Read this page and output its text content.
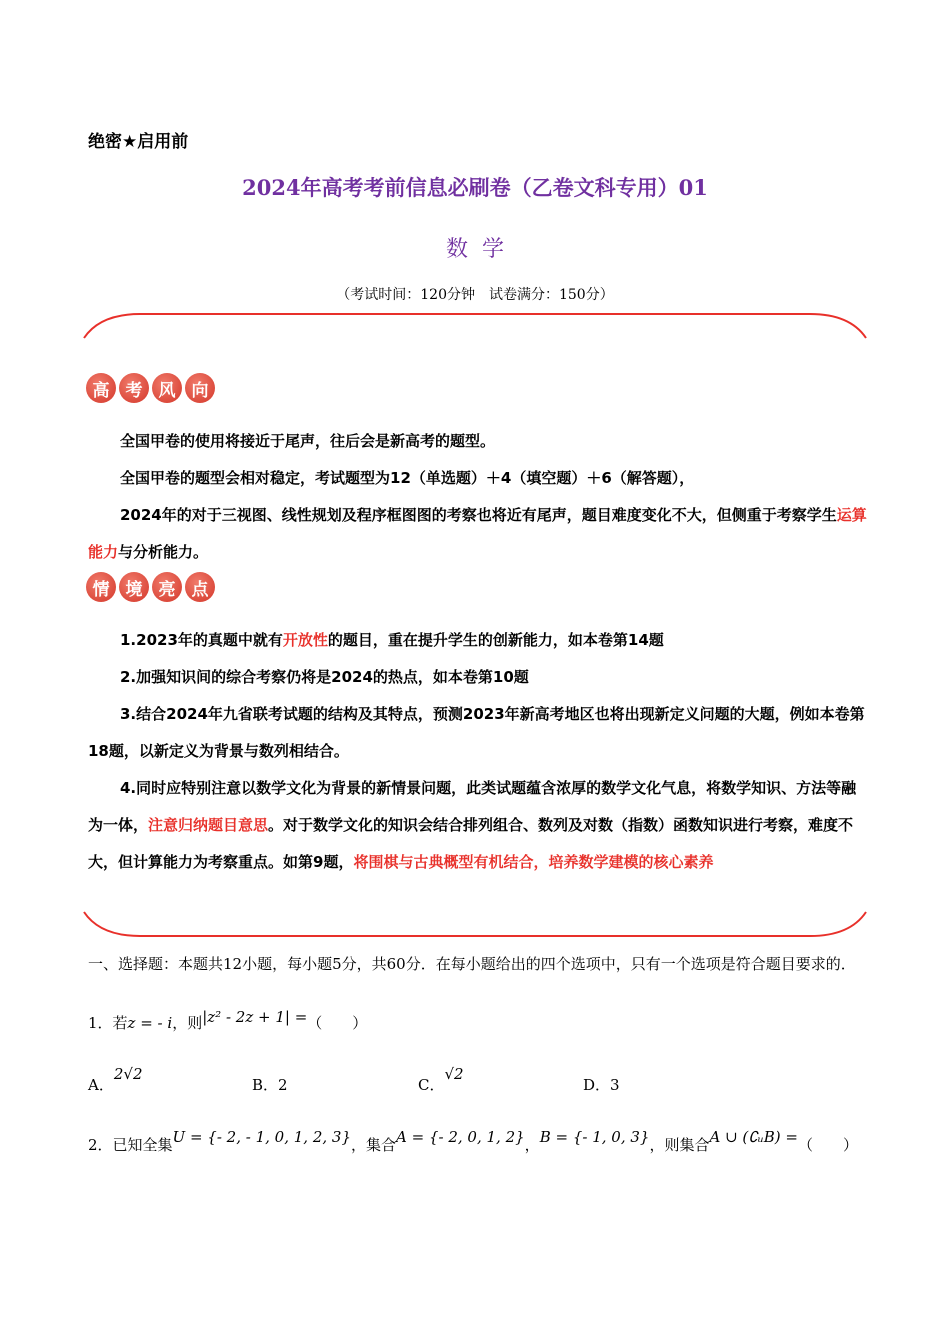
绝密★启用前
2024年高考考前信息必刷卷（乙卷文科专用）01
数学
（考试时间：120分钟　试卷满分：150分）
高 考 风 向
全国甲卷的使用将接近于尾声，往后会是新高考的题型。
全国甲卷的题型会相对稳定，考试题型为12（单选题）＋4（填空题）＋6（解答题），
2024年的对于三视图、线性规划及程序框图图的考察也将近有尾声，题目难度变化不大，但侧重于考察学生运算能力与分析能力。
情 境 亮 点
1.2023年的真题中就有开放性的题目，重在提升学生的创新能力，如本卷第14题
2.加强知识间的综合考察仍将是2024的热点，如本卷第10题
3.结合2024年九省联考试题的结构及其特点，预测2023年新高考地区也将出现新定义问题的大题，例如本卷第18题，以新定义为背景与数列相结合。
4.同时应特别注意以数学文化为背景的新情景问题，此类试题蕴含浓厚的数学文化气息，将数学知识、方法等融为一体，注意归纳题目意思。对于数学文化的知识会结合排列组合、数列及对数（指数）函数知识进行考察，难度不大，但计算能力为考察重点。如第9题，将围棋与古典概型有机结合，培养数学建模的核心素养
一、选择题：本题共12小题，每小题5分，共60分．在每小题给出的四个选项中，只有一个选项是符合题目要求的．
1．若z = - i，则|z² - 2z + 1| =（　　）
A．2√2
B．2	C．√2
D．3
2．已知全集U = {- 2, - 1, 0, 1, 2, 3}，集合A = {- 2, 0, 1, 2}，B = {- 1, 0, 3}，则集合A ∪ (∁ᵤB) =（　　）
